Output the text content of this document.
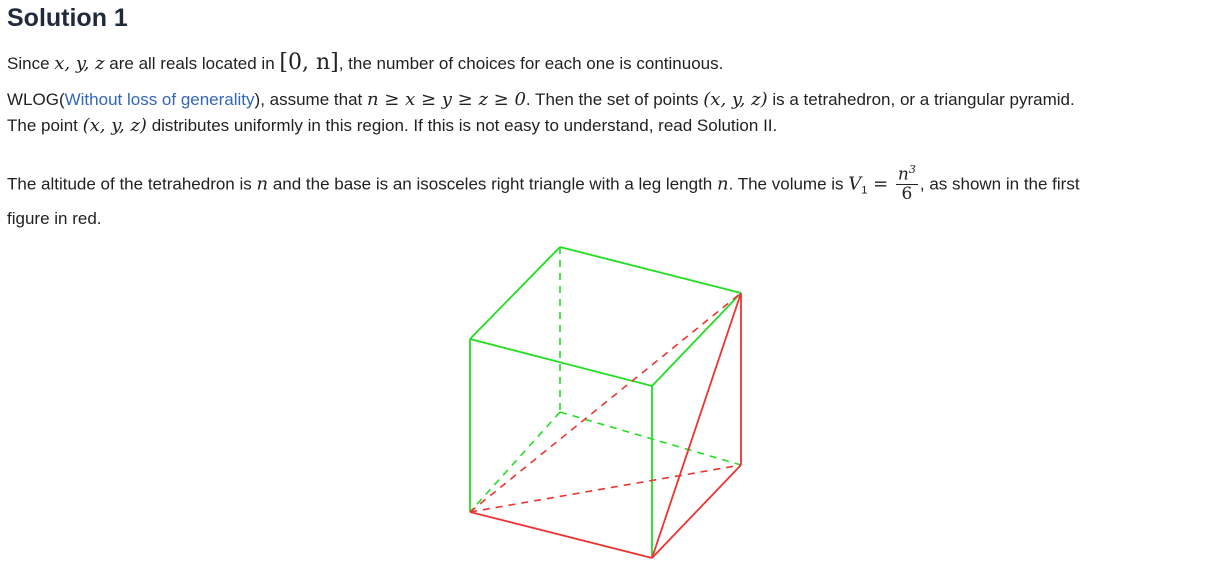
Solution 1

Since x, y, z are all reals located in [0, n], the number of choices for each one is continuous.

WLOG(Without loss of generality), assume that n ≥ x ≥ y ≥ z ≥ 0. Then the set of points (x, y, z) is a tetrahedron, or a triangular pyramid.
The point (x, y, z) distributes uniformly in this region. If this is not easy to understand, read Solution II.

The altitude of the tetrahedron is n and the base is an isosceles right triangle with a leg length n. The volume is $V_1 = \frac{n^3}{6}$ , as shown in the first
figure in red.
